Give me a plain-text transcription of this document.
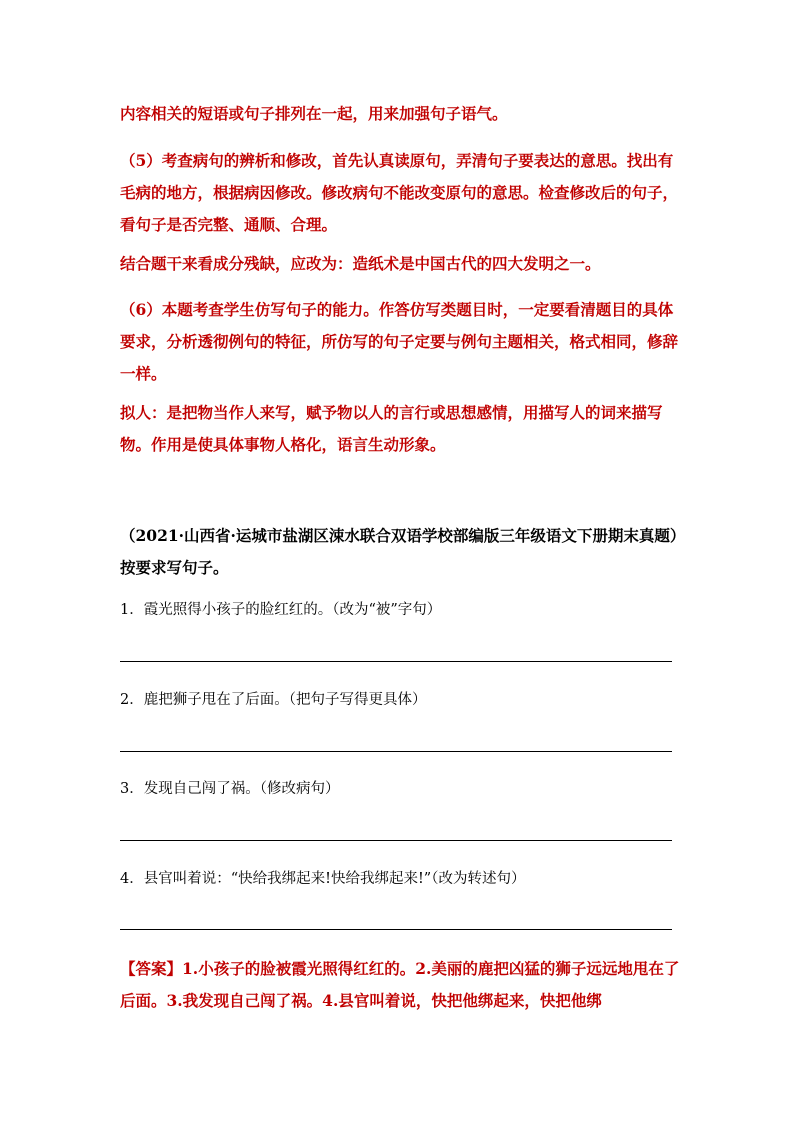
内容相关的短语或句子排列在一起，用来加强句子语气。

（5）考查病句的辨析和修改，首先认真读原句，弄清句子要表达的意思。找出有毛病的地方，根据病因修改。修改病句不能改变原句的意思。检查修改后的句子，看句子是否完整、通顺、合理。

结合题干来看成分残缺，应改为：造纸术是中国古代的四大发明之一。

（6）本题考查学生仿写句子的能力。作答仿写类题目时，一定要看清题目的具体要求，分析透彻例句的特征，所仿写的句子定要与例句主题相关，格式相同，修辞一样。

拟人：是把物当作人来写，赋予物以人的言行或思想感情，用描写人的词来描写物。作用是使具体事物人格化，语言生动形象。

（2021·山西省·运城市盐湖区涑水联合双语学校部编版三年级语文下册期末真题）按要求写句子。

1．霞光照得小孩子的脸红红的。（改为“被”字句）

2．鹿把狮子甩在了后面。（把句子写得更具体）

3．发现自己闯了祸。（修改病句）

4．县官叫着说：“快给我绑起来!快给我绑起来!”（改为转述句）

【答案】1.小孩子的脸被霞光照得红红的。2.美丽的鹿把凶猛的狮子远远地甩在了后面。3.我发现自己闯了祸。4.县官叫着说，快把他绑起来，快把他绑
